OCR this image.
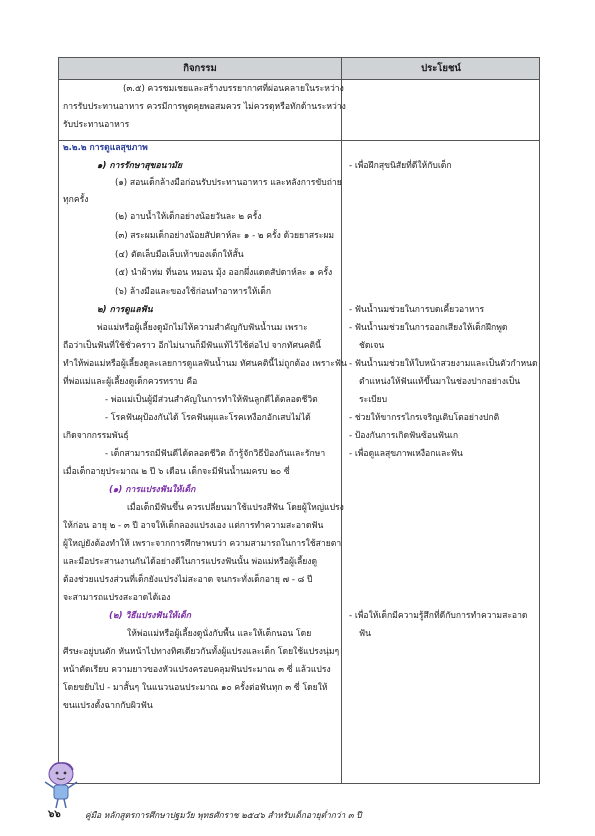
กิจกรรม	ประโยชน์
(๓.๕) ควรชมเชยและสร้างบรรยากาศที่ผ่อนคลายในระหว่าง
การรับประทานอาหาร ควรมีการพูดคุยพอสมควร ไม่ควรดุหรือทักด้านระหว่าง
รับประทานอาหาร
๒.๒.๒ การดูแลสุขภาพ
๑) การรักษาสุขอนามัย
(๑) สอนเด็กล้างมือก่อนรับประทานอาหาร และหลังการขับถ่าย
ทุกครั้ง
(๒) อาบน้ำให้เด็กอย่างน้อยวันละ ๒ ครั้ง
(๓) สระผมเด็กอย่างน้อยสัปดาห์ละ ๑ - ๒ ครั้ง ด้วยยาสระผม
(๔) ตัดเล็บมือเล็บเท้าของเด็กให้สั้น
(๕) นำผ้าห่ม ที่นอน หมอน มุ้ง ออกผึ่งแดดสัปดาห์ละ ๑ ครั้ง
(๖) ล้างมือและของใช้ก่อนทำอาหารให้เด็ก
๒) การดูแลฟัน
พ่อแม่หรือผู้เลี้ยงดูมักไม่ให้ความสำคัญกับฟันน้ำนม เพราะ
ถือว่าเป็นฟันที่ใช้ชั่วคราว อีกไม่นานก็มีฟันแท้ไว้ใช้ต่อไป จากทัศนคตินี้
ทำให้พ่อแม่หรือผู้เลี้ยงดูละเลยการดูแลฟันน้ำนม ทัศนคตินี้ไม่ถูกต้อง เพราะฟัน
ที่พ่อแม่และผู้เลี้ยงดูเด็กควรทราบ คือ
- พ่อแม่เป็นผู้มีส่วนสำคัญในการทำให้ฟันลูกดีได้ตลอดชีวิต
- โรคฟันผุป้องกันได้ โรคฟันผุและโรคเหงือกอักเสบไม่ได้
เกิดจากกรรมพันธุ์
- เด็กสามารถมีฟันดีได้ตลอดชีวิต ถ้ารู้จักวิธีป้องกันและรักษา
เมื่อเด็กอายุประมาณ ๒ ปี ๖ เดือน เด็กจะมีฟันน้ำนมครบ ๒๐ ซี่
(๑) การแปรงฟันให้เด็ก
เมื่อเด็กมีฟันขึ้น ควรเปลี่ยนมาใช้แปรงสีฟัน โดยผู้ใหญ่แปรง
ให้ก่อน อายุ ๒ - ๓ ปี อาจให้เด็กลองแปรงเอง แต่การทำความสะอาดฟัน
ผู้ใหญ่ยังต้องทำให้ เพราะจากการศึกษาพบว่า ความสามารถในการใช้สายตา
และมือประสานงานกันได้อย่างดีในการแปรงฟันนั้น พ่อแม่หรือผู้เลี้ยงดู
ต้องช่วยแปรงส่วนที่เด็กยังแปรงไม่สะอาด จนกระทั่งเด็กอายุ ๗ - ๘ ปี
จะสามารถแปรงสะอาดได้เอง
(๒) วิธีแปรงฟันให้เด็ก
ให้พ่อแม่หรือผู้เลี้ยงดูนั่งกับพื้น และให้เด็กนอน โดย
ศีรษะอยู่บนตัก หันหน้าไปทางทิศเดียวกันทั้งผู้แปรงและเด็ก โดยใช้แปรงนุ่มๆ
หน้าตัดเรียบ ความยาวของหัวแปรงครอบคลุมฟันประมาณ ๓ ซี่ แล้วแปรง
โดยขยับไป - มาสั้นๆ ในแนวนอนประมาณ ๑๐ ครั้งต่อฟันทุก ๓ ซี่ โดยให้
ขนแปรงตั้งฉากกับผิวฟัน
- เพื่อฝึกสุขนิสัยที่ดีให้กับเด็ก
- ฟันน้ำนมช่วยในการบดเคี้ยวอาหาร
- ฟันน้ำนมช่วยในการออกเสียงให้เด็กฝึกพูด
ชัดเจน
- ฟันน้ำนมช่วยให้ใบหน้าสวยงามและเป็นตัวกำหนด
ตำแหน่งให้ฟันแท้ขึ้นมาในช่องปากอย่างเป็น
ระเบียบ
- ช่วยให้ขากรรไกรเจริญเติบโตอย่างปกติ
- ป้องกันการเกิดฟันซ้อนฟันเก
- เพื่อดูแลสุขภาพเหงือกและฟัน
- เพื่อให้เด็กมีความรู้สึกที่ดีกับการทำความสะอาด
ฟัน
๖๖	คู่มือ หลักสูตรการศึกษาปฐมวัย พุทธศักราช ๒๕๔๖ สำหรับเด็กอายุต่ำกว่า ๓ ปี
